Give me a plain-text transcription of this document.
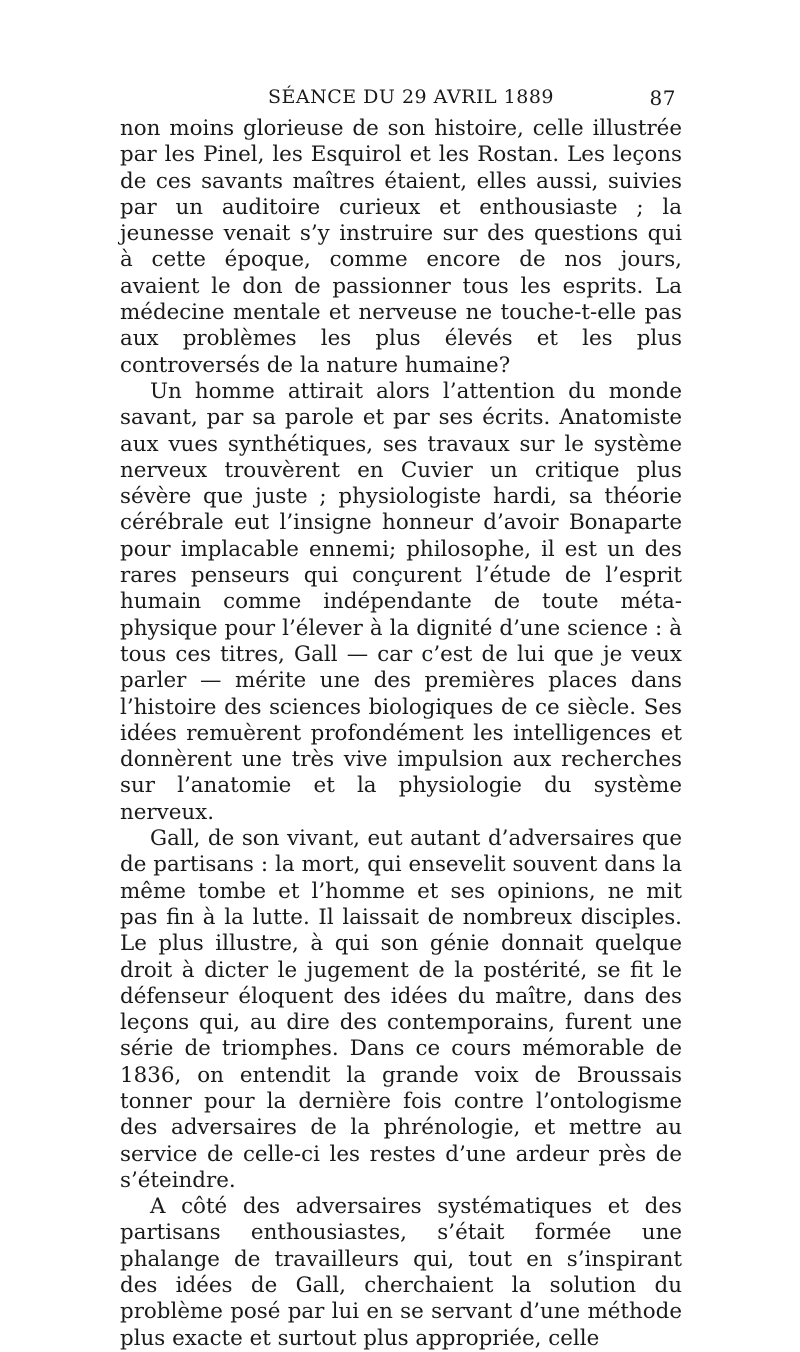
SÉANCE DU 29 AVRIL 1889	87

non moins glorieuse de son histoire, celle illustrée par les Pinel, les Esquirol et les Rostan. Les leçons de ces savants maîtres étaient, elles aussi, suivies par un auditoire curieux et enthousiaste ; la jeunesse venait s’y instruire sur des questions qui à cette époque, comme encore de nos jours, avaient le don de passionner tous les esprits. La médecine mentale et nerveuse ne touche-t-elle pas aux problèmes les plus élevés et les plus controversés de la nature humaine?

Un homme attirait alors l’attention du monde savant, par sa parole et par ses écrits. Anatomiste aux vues synthétiques, ses travaux sur le système nerveux trouvèrent en Cuvier un critique plus sévère que juste ; physiologiste hardi, sa théorie cérébrale eut l’insigne honneur d’avoir Bonaparte pour implacable ennemi; philosophe, il est un des rares penseurs qui conçurent l’étude de l’esprit humain comme indépendante de toute métaphysique pour l’élever à la dignité d’une science : à tous ces titres, Gall — car c’est de lui que je veux parler — mérite une des premières places dans l’histoire des sciences biologiques de ce siècle. Ses idées remuèrent profondément les intelligences et donnèrent une très vive impulsion aux recherches sur l’anatomie et la physiologie du système nerveux.

Gall, de son vivant, eut autant d’adversaires que de partisans : la mort, qui ensevelit souvent dans la même tombe et l’homme et ses opinions, ne mit pas fin à la lutte. Il laissait de nombreux disciples. Le plus illustre, à qui son génie donnait quelque droit à dicter le jugement de la postérité, se fit le défenseur éloquent des idées du maître, dans des leçons qui, au dire des contemporains, furent une série de triomphes. Dans ce cours mémorable de 1836, on entendit la grande voix de Broussais tonner pour la dernière fois contre l’ontologisme des adversaires de la phrénologie, et mettre au service de celle-ci les restes d’une ardeur près de s’éteindre.

A côté des adversaires systématiques et des partisans enthousiastes, s’était formée une phalange de travailleurs qui, tout en s’inspirant des idées de Gall, cherchaient la solution du problème posé par lui en se servant d’une méthode plus exacte et surtout plus appropriée, celle
